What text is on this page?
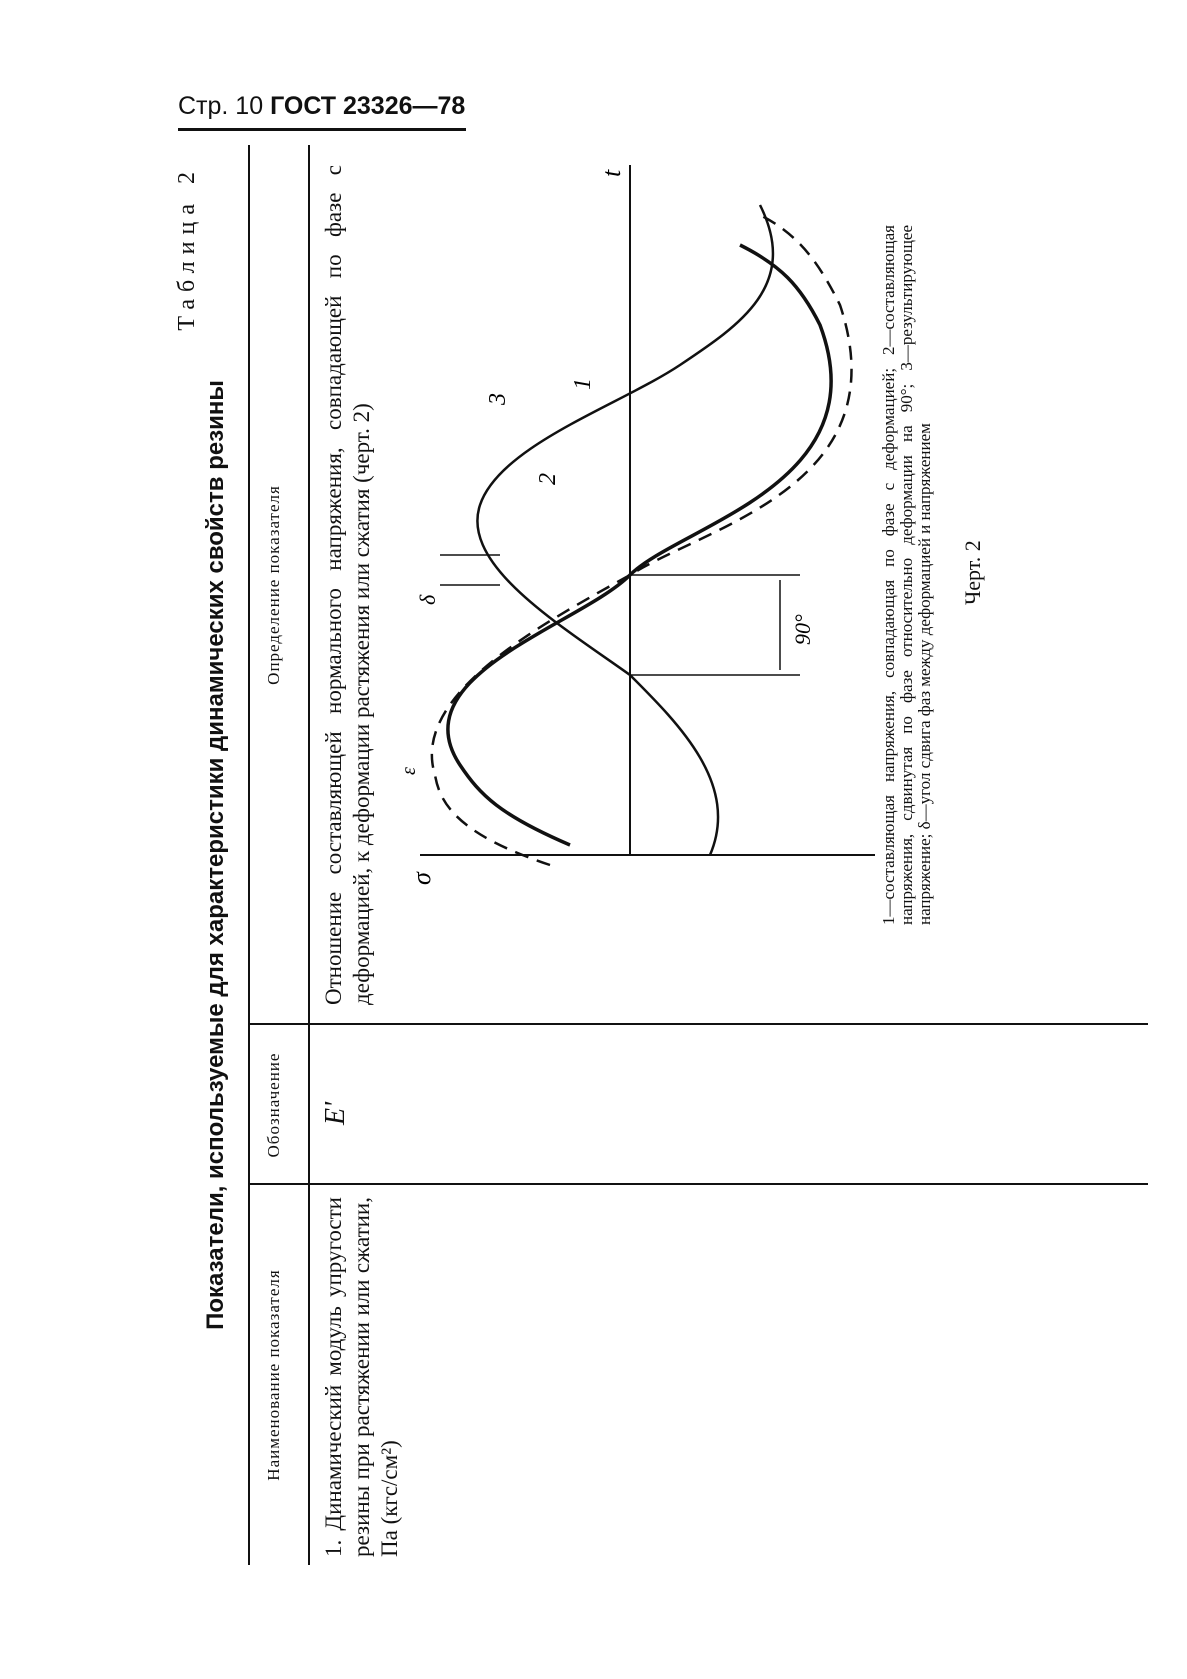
Стр. 10 ГОСТ 23326—78
Таблица 2
Показатели, используемые для характеристики динамических свойств резины
Наименование показателя
Обозначение
Определение показателя
1. Динамический модуль упругости резины при растяжении или сжатии, Па (кгс/см²)
E'
Отношение составляющей нормального напряжения, совпадающей по фазе с деформацией, к деформации растяжения или сжатия (черт. 2) σ
t
δ
90°
ε
1
2
3	1—составляющая напряжения, совпадающая по фазе с деформацией; 2—составляющая напряжения, сдвинутая по фазе относительно деформации на 90°; 3—результирующее напряжение; δ—угол сдвига фаз между деформацией и напряжением Черт. 2
